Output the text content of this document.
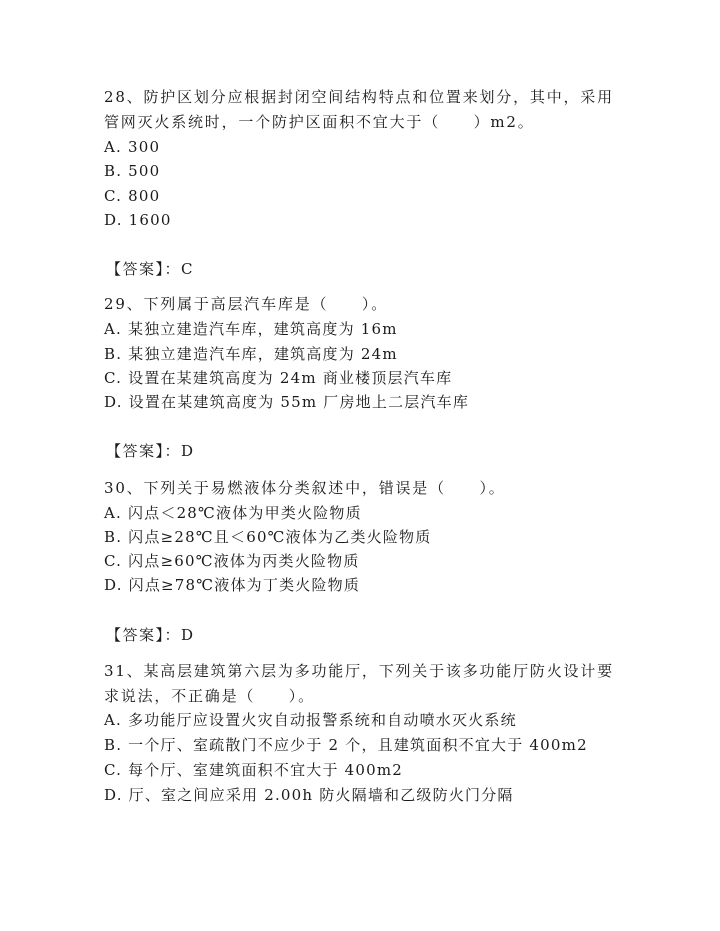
28、防护区划分应根据封闭空间结构特点和位置来划分，其中，采用
管网灭火系统时，一个防护区面积不宜大于（　　）m2。
A. 300
B. 500
C. 800
D. 1600
【答案】：C
29、下列属于高层汽车库是（　　）。
A. 某独立建造汽车库，建筑高度为 16m
B. 某独立建造汽车库，建筑高度为 24m
C. 设置在某建筑高度为 24m 商业楼顶层汽车库
D. 设置在某建筑高度为 55m 厂房地上二层汽车库
【答案】：D
30、下列关于易燃液体分类叙述中，错误是（　　）。
A. 闪点＜28℃液体为甲类火险物质
B. 闪点≥28℃且＜60℃液体为乙类火险物质
C. 闪点≥60℃液体为丙类火险物质
D. 闪点≥78℃液体为丁类火险物质
【答案】：D
31、某高层建筑第六层为多功能厅，下列关于该多功能厅防火设计要
求说法，不正确是（　　）。
A. 多功能厅应设置火灾自动报警系统和自动喷水灭火系统
B. 一个厅、室疏散门不应少于 2 个，且建筑面积不宜大于 400m2
C. 每个厅、室建筑面积不宜大于 400m2
D. 厅、室之间应采用 2.00h 防火隔墙和乙级防火门分隔
